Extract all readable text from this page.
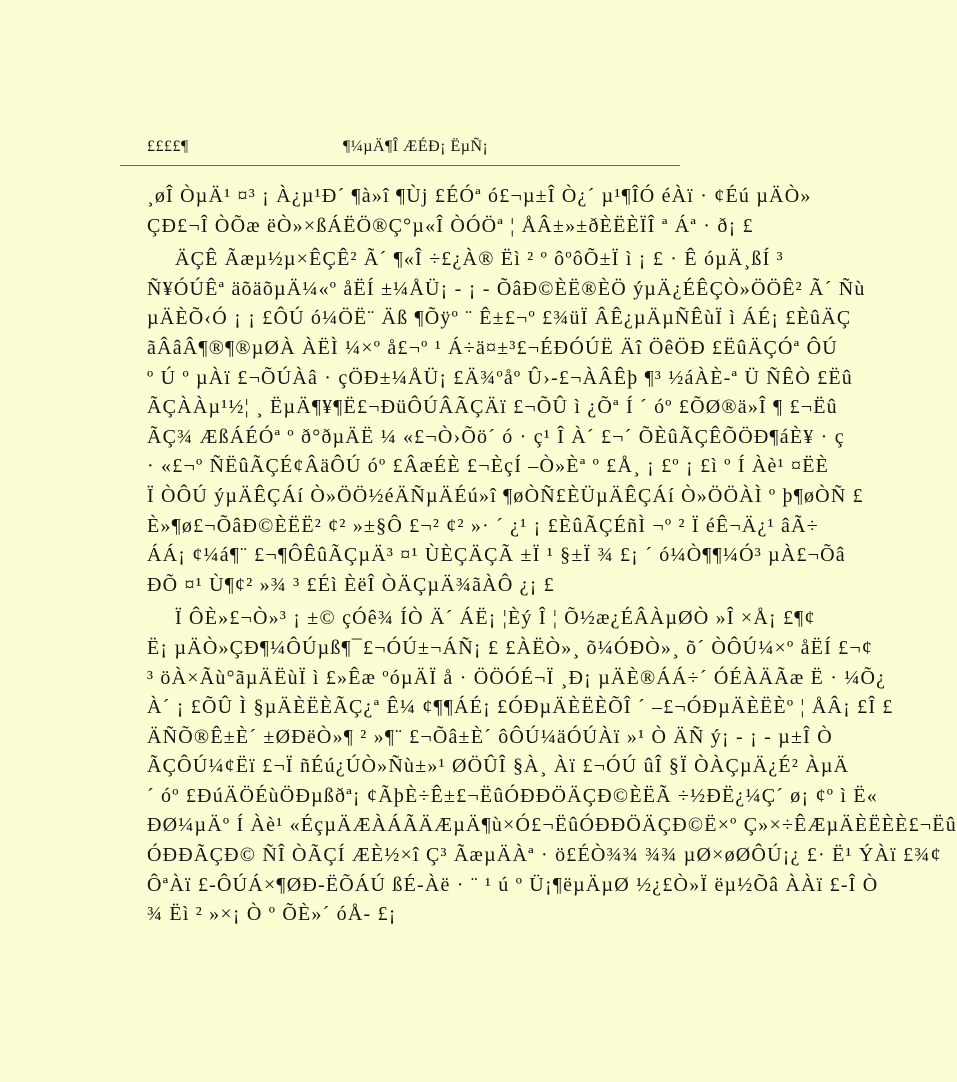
££££¶	¶¼µÄ¶Î ÆÉÐ¡ ËµÑ¡
¸øÎ ÒµÄ¹ ¤³ ¡ À¿µ¹Ð´ ¶à»î ¶Ùj £ÉÓª ó£¬µ±Î Ò¿´ µ¹¶ÎÓ éÀï · ¢Éú µÄÒ»
ÇÐ£¬Î ÒÕæ ëÒ»×ßÁËÖ®Ç°µ«Î ÒÓÖª ¦ ÅÂ±»±ðÈËÈÏÎ ª Áª · ð¡ £
ÄÇÊ Ãæµ½µ×ÊÇÊ² Ã´ ¶«Î ÷£¿À® Ëì ² º ôºôÕ±Ï ì ¡ £ · Ê óµÄ¸ßÍ ³
Ñ¥ÓÚÊª äõäõµÄ¼«º åËÍ ±¼ÅÜ¡ - ¡ - ÕâÐ©ÈË®ÈÖ ýµÄ¿ÉÊÇÒ»ÖÖÊ² Ã´ Ñù
µÄÈÕ‹Ó ¡ ¡ £ÔÚ ó¼ÖË¨ Äß ¶Õÿº ¨ Ê±£¬º £¾üÏ ÂÊ¿µÄµÑÊùÏ ì ÁÉ¡ £ÈûÄÇ
ãÂâÂ¶®¶®µØÀ ÀËÌ ¼×º å£¬º ¹ Á÷ä¤±³£¬ÉÐÓÚË Äî ÖêÖÐ £ËûÄÇÓª ÔÚ
º Ú º µÀï £¬ÕÚÀâ · çÖÐ±¼ÅÜ¡ £Ä¾ºåº Û›-£¬ÀÂÊþ ¶³ ½áÀÈ-ª Ü ÑÊÒ £Ëû
ÃÇÀÀµ¹½¦ ¸ ËµÄ¶¥¶Ë£¬ÐüÔÚÂÃÇÄï £¬ÕÛ ì ¿Õª Í ´ óº £ÕØ®ä»Î ¶ £¬Ëû
ÃÇ¾ ÆßÁÉÓª º ð°ðµÄË ¼ «£¬Ò›Õö´ ó · ç¹ Î À´ £¬´ ÕÈûÃÇÊÕÖÐ¶áÈ¥ · ç
· «£¬º ÑËûÃÇÉ¢ÂäÔÚ óº £ÂæÉÈ £¬ÈçÍ –Ò»Èª º £Å¸ ¡ £º ¡ £ì º Í Àè¹ ¤ËÈ
Ï ÒÔÚ ýµÄÊÇÁí Ò»ÖÖ½éÄÑµÄÉú»î ¶øÒÑ£ÈÜµÄÊÇÁí Ò»ÖÖÀÌ º þ¶øÒÑ £
È»¶ø£¬ÕâÐ©ÈËË² ¢² »±§Ô £¬² ¢² »· ´ ¿¹ ¡ £ÈûÃÇÉñÌ ¬º ² Ï éÊ¬Ä¿¹ âÃ÷
ÁÁ¡ ¢¼á¶¨ £¬¶ÔÊûÃÇµÄ³ ¤¹ ÙÈÇÄÇÃ ±Ï ¹ §±Ï ¾ £¡ ´ ó¼Ò¶¶¼Ó³ µÀ£¬Õâ
ÐÕ ¤¹ Ù¶¢² »¾ ³ £Éì ÈëÎ ÒÄÇµÄ¾ãÀÔ ¿¡ £
Ï ÔÈ»£¬Ò»³ ¡ ±© çÓê¾ ÍÒ Ä´ ÁË¡ ¦Èý Î ¦ Õ½æ¿ÉÂÀµØÒ »Î ×Å¡ £¶¢
Ë¡ µÄÒ»ÇÐ¶¼ÔÚµß¶¯£¬ÓÚ±¬ÁÑ¡ £ £ÀËÒ»¸ õ¼ÓÐÒ»¸ õ´ ÒÔÚ¼×º åËÍ £¬¢
³ öÀ×Ãù°ãµÄËùÏ ì £»Êæ ºóµÄÏ å · ÖÖÓÉ¬Ï ¸Ð¡ µÄÈ®ÁÁ÷´ ÓÉÀÄÃæ Ë · ¼Õ¿
À´ ¡ £ÕÛ Ì §µÄÈËÈÃÇ¿ª Ê¼ ¢¶¶ÁÉ¡ £ÓÐµÄÈËÈÕÎ ´ –£¬ÓÐµÄÈËÈº ¦ ÅÂ¡ £Î £
ÄÑÕ®Ê±È´ ±ØÐëÒ»¶ ² »¶¨ £¬Õâ±È´ ôÔÚ¼äÓÚÀï »¹ Ò ÄÑ ý¡ - ¡ - µ±Î Ò
ÃÇÔÚ¼¢Ëï £¬Ï ñÉú¿ÚÒ»Ñù±»¹ ØÖÛÎ §À¸ Àï £¬ÓÚ ûÎ §Ï ÒÀÇµÄ¿É² ÀµÄ
´ óº £ÐúÄÖÉùÖÐµßðª¡ ¢ÃþÈ÷Ê±£¬ËûÓÐÐÖÄÇÐ©ÈËÃ ÷½ÐË¿¼Ç´ ø¡ ¢º ì Ë«
ÐØ¼µÄº Í Àè¹ «ÉçµÄÆÀÁÃÄÆµÄ¶ù×Ó£¬ËûÓÐÐÖÄÇÐ©Ë×º Ç»×÷ÊÆµÄÈËÈÈ£¬Ëû
ÓÐÐÃÇÐ© ÑÎ ÒÃÇÍ ÆÈ½×î Ç³ ÃæµÄÀª · ö£ÉÒ¾¾ ¾¾ µØ×øØÔÚ¡¿ £· Ë¹ ÝÀï £¾¢
ÔªÀï £-ÔÚÁ×¶ØÐ-ËÕÁÚ ßÉ-Àë · ¨ ¹ ú º Ü¡¶ëµÄµØ ½¿£Ò»Ï ëµ½Õâ ÀÀï £-Î Ò
¾ Ëì ² »×¡ Ò º ÕÈ»´ óÅ- £¡
